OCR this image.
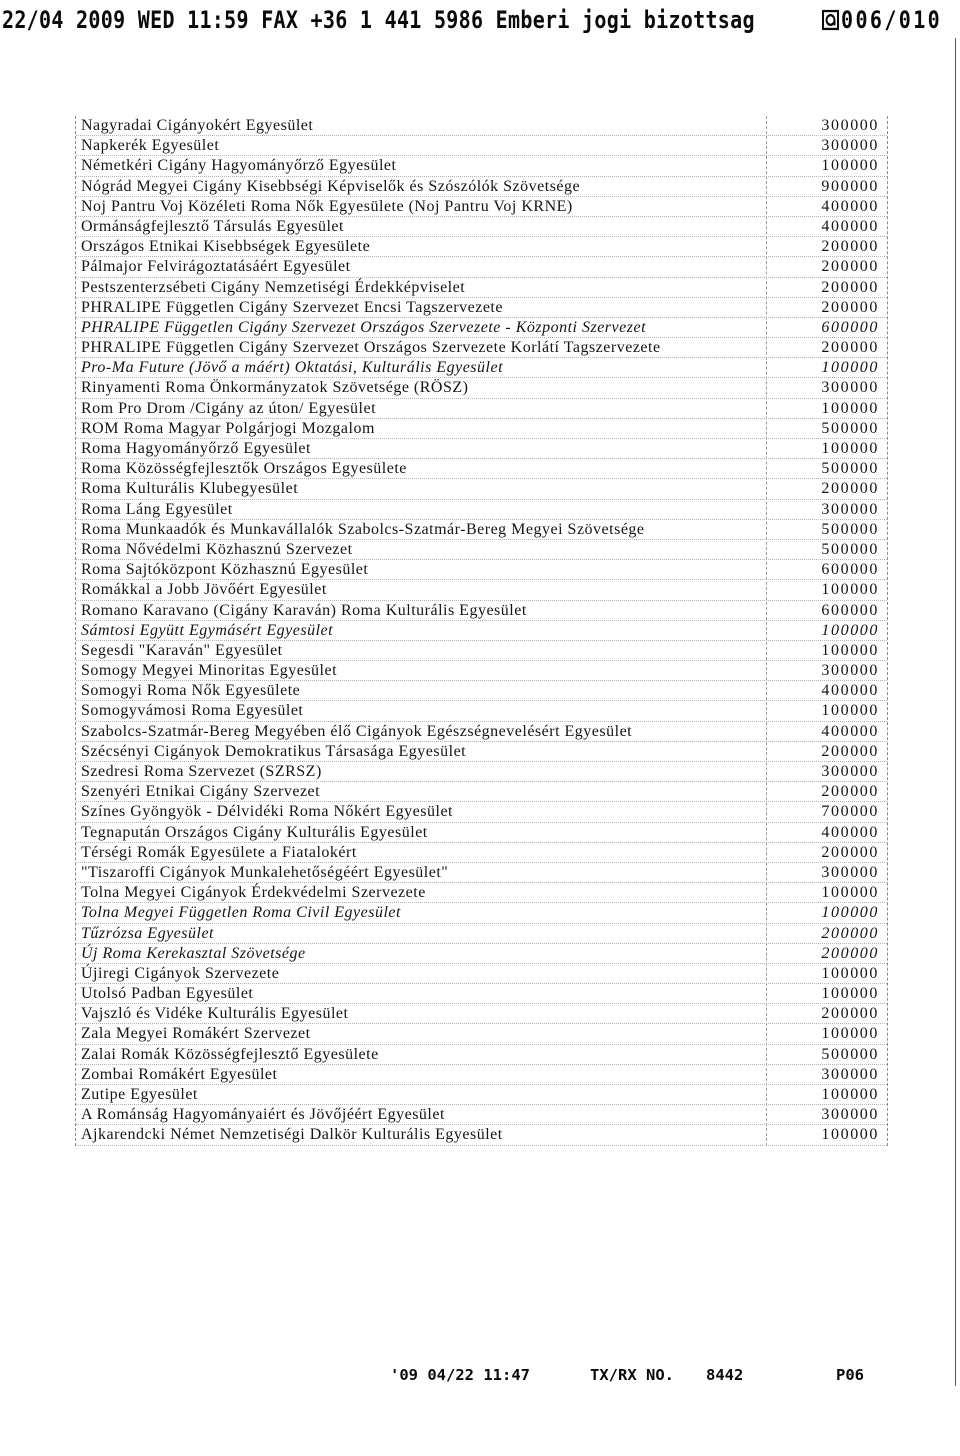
22/04 2009 WED 11:59 FAX +36 1 441 5986 Emberi jogi bizottsag	006/010
Nagyradai Cigányokért Egyesület	300000
Napkerék Egyesület	300000
Németkéri Cigány Hagyományőrző Egyesület	100000
Nógrád Megyei Cigány Kisebbségi Képviselők és Szószólók Szövetsége	900000
Noj Pantru Voj Közéleti Roma Nők Egyesülete (Noj Pantru Voj KRNE)	400000
Ormánságfejlesztő Társulás Egyesület	400000
Országos Etnikai Kisebbségek Egyesülete	200000
Pálmajor Felvirágoztatásáért Egyesület	200000
Pestszenterzsébeti Cigány Nemzetiségi Érdekképviselet	200000
PHRALIPE Független Cigány Szervezet Encsi Tagszervezete	200000
PHRALIPE Független Cigány Szervezet Országos Szervezete - Központi Szervezet	600000
PHRALIPE Független Cigány Szervezet Országos Szervezete Korlátí Tagszervezete	200000
Pro-Ma Future (Jövő a máért) Oktatási, Kulturális Egyesület	100000
Rinyamenti Roma Önkormányzatok Szövetsége (RÖSZ)	300000
Rom Pro Drom /Cigány az úton/ Egyesület	100000
ROM Roma Magyar Polgárjogi Mozgalom	500000
Roma Hagyományőrző Egyesület	100000
Roma Közösségfejlesztők Országos Egyesülete	500000
Roma Kulturális Klubegyesület	200000
Roma Láng Egyesület	300000
Roma Munkaadók és Munkavállalók Szabolcs-Szatmár-Bereg Megyei Szövetsége	500000
Roma Nővédelmi Közhasznú Szervezet	500000
Roma Sajtóközpont Közhasznú Egyesület	600000
Romákkal a Jobb Jövőért Egyesület	100000
Romano Karavano (Cigány Karaván) Roma Kulturális Egyesület	600000
Sámtosi Együtt Egymásért Egyesület	100000
Segesdi "Karaván" Egyesület	100000
Somogy Megyei Minoritas Egyesület	300000
Somogyi Roma Nők Egyesülete	400000
Somogyvámosi Roma Egyesület	100000
Szabolcs-Szatmár-Bereg Megyében élő Cigányok Egészségnevelésért Egyesület	400000
Szécsényi Cigányok Demokratikus Társasága Egyesület	200000
Szedresi Roma Szervezet (SZRSZ)	300000
Szenyéri Etnikai Cigány Szervezet	200000
Színes Gyöngyök - Délvidéki Roma Nőkért Egyesület	700000
Tegnapután Országos Cigány Kulturális Egyesület	400000
Térségi Romák Egyesülete a Fiatalokért	200000
"Tiszaroffi Cigányok Munkalehetőségéért Egyesület"	300000
Tolna Megyei Cigányok Érdekvédelmi Szervezete	100000
Tolna Megyei Független Roma Civil Egyesület	100000
Tűzrózsa Egyesület	200000
Új Roma Kerekasztal Szövetsége	200000
Újiregi Cigányok Szervezete	100000
Utolsó Padban Egyesület	100000
Vajszló és Vidéke Kulturális Egyesület	200000
Zala Megyei Romákért Szervezet	100000
Zalai Romák Közösségfejlesztő Egyesülete	500000
Zombai Romákért Egyesület	300000
Zutipe Egyesület	100000
A Románság Hagyományaiért és Jövőjéért Egyesület	300000
Ajkarendcki Német Nemzetiségi Dalkör Kulturális Egyesület	100000

'09 04/22 11:47

	TX/RX NO.

8442

	P06
